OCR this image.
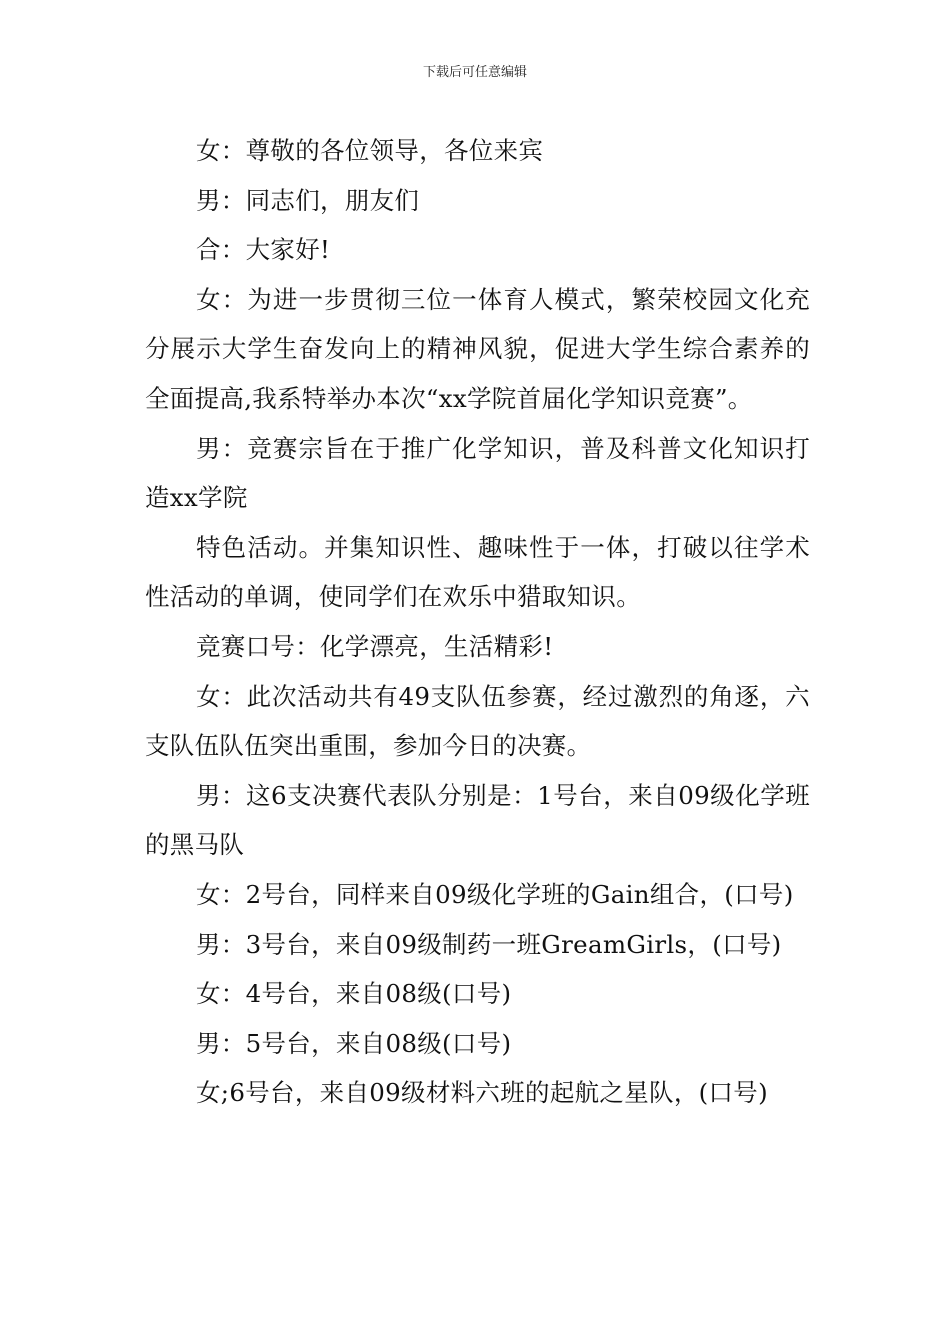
下载后可任意编辑

女：尊敬的各位领导，各位来宾

男：同志们，朋友们

合：大家好!

女：为进一步贯彻三位一体育人模式，繁荣校园文化充分展示大学生奋发向上的精神风貌，促进大学生综合素养的全面提高,我系特举办本次“xx学院首届化学知识竞赛”。

男：竞赛宗旨在于推广化学知识，普及科普文化知识打造xx学院

特色活动。并集知识性、趣味性于一体，打破以往学术性活动的单调，使同学们在欢乐中猎取知识。

竞赛口号：化学漂亮，生活精彩!

女：此次活动共有49支队伍参赛，经过激烈的角逐，六支队伍队伍突出重围，参加今日的决赛。

男：这6支决赛代表队分别是：1号台，来自09级化学班的黑马队

女：2号台，同样来自09级化学班的Gain组合，(口号)

男：3号台，来自09级制药一班GreamGirls，(口号)

女：4号台，来自08级(口号)

男：5号台，来自08级(口号)

女;6号台，来自09级材料六班的起航之星队，(口号)
